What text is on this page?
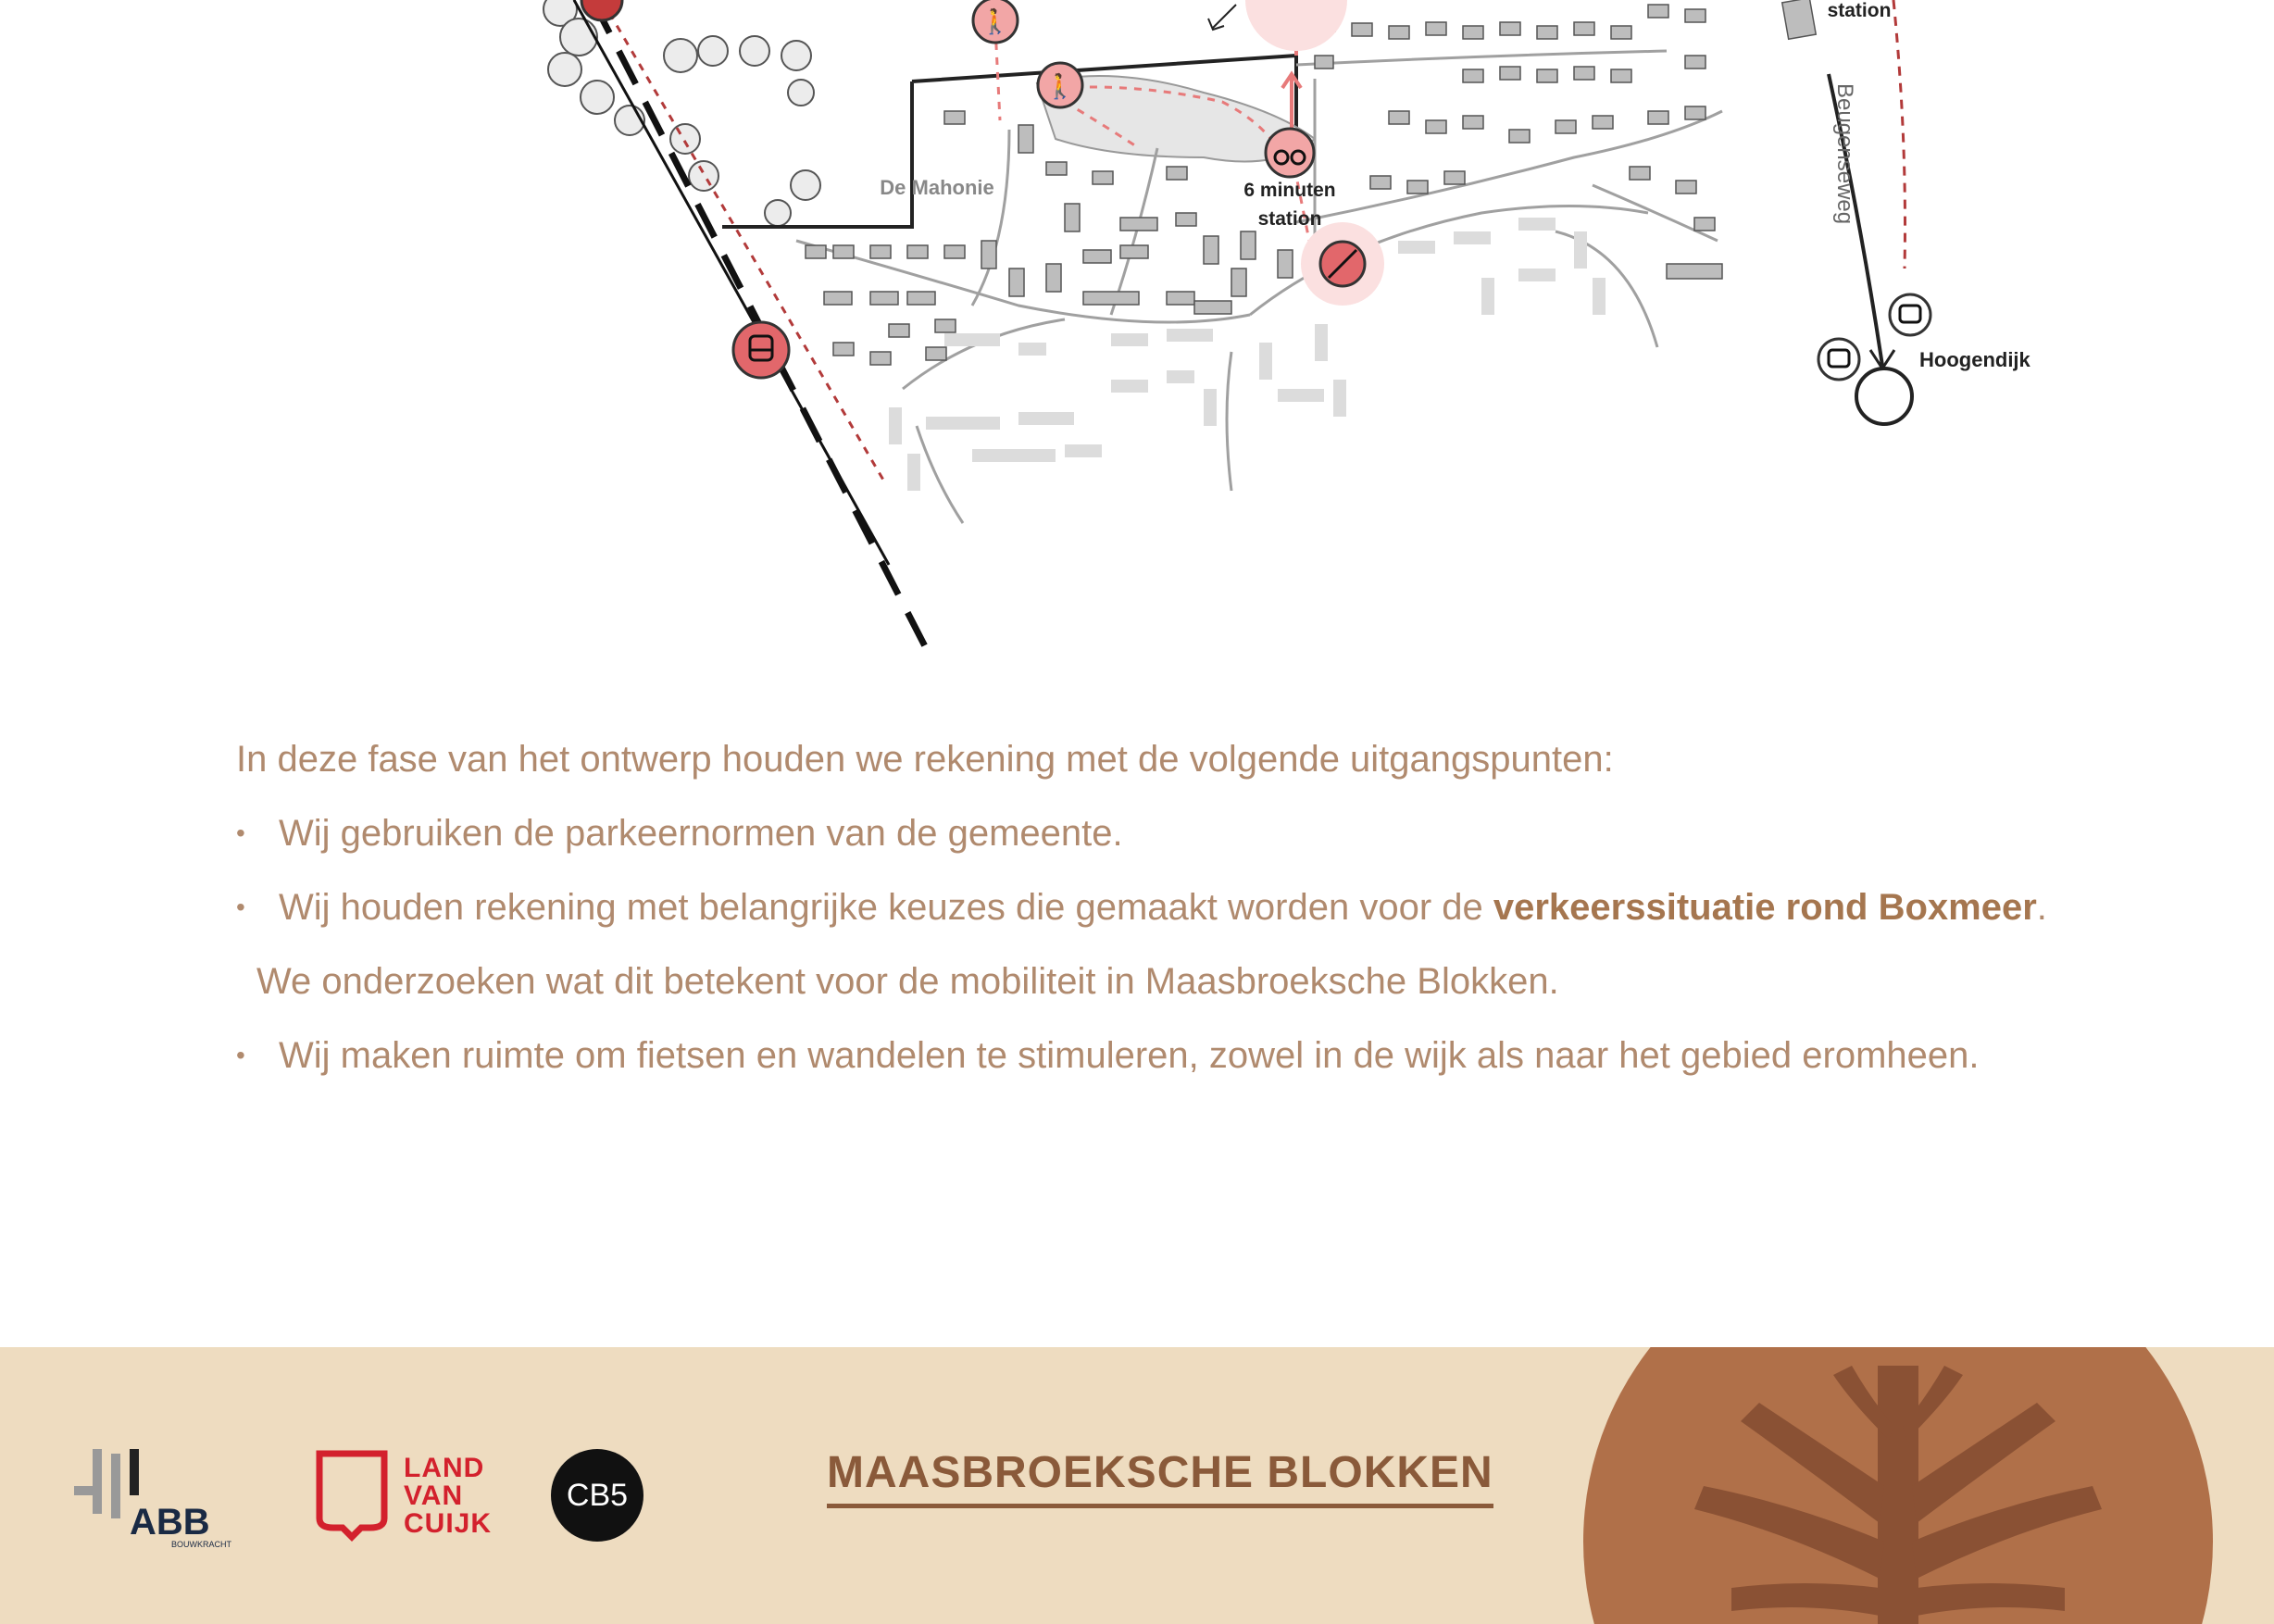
🚶
🚶
De Mahonie	6 minuten
station
station
Beugenseweg
Hoogendijk

In deze fase van het ontwerp houden we rekening met de volgende uitgangspunten:

• Wij gebruiken de parkeernormen van de gemeente.

• Wij houden rekening met belangrijke keuzes die gemaakt worden voor de verkeerssituatie rond Boxmeer. We onderzoeken wat dit betekent voor de mobiliteit in Maasbroeksche Blokken.

• Wij maken ruimte om fietsen en wandelen te stimuleren, zowel in de wijk als naar het gebied eromheen.

ABB
BOUWKRACHT
LAND
VAN
CUIJK
CB5	MAASBROEKSCHE BLOKKEN
